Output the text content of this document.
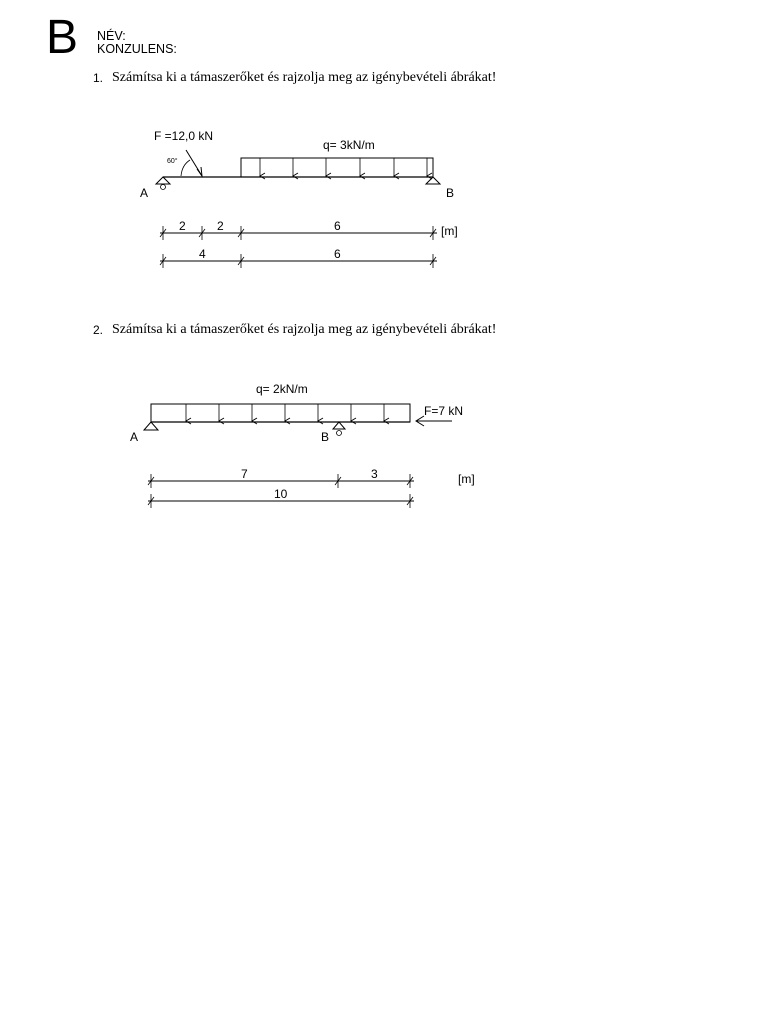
B NÉV:
KONZULENS:
1. Számítsa ki a támaszerőket és rajzolja meg az igénybevételi ábrákat!
2. Számítsa ki a támaszerőket és rajzolja meg az igénybevételi ábrákat!
q= 3kN/m
F =12,0 kN
60°
A	B
2	2	6	[m]
4	6
q= 2kN/m
F=7 kN
A	B
7	3	[m]
10
